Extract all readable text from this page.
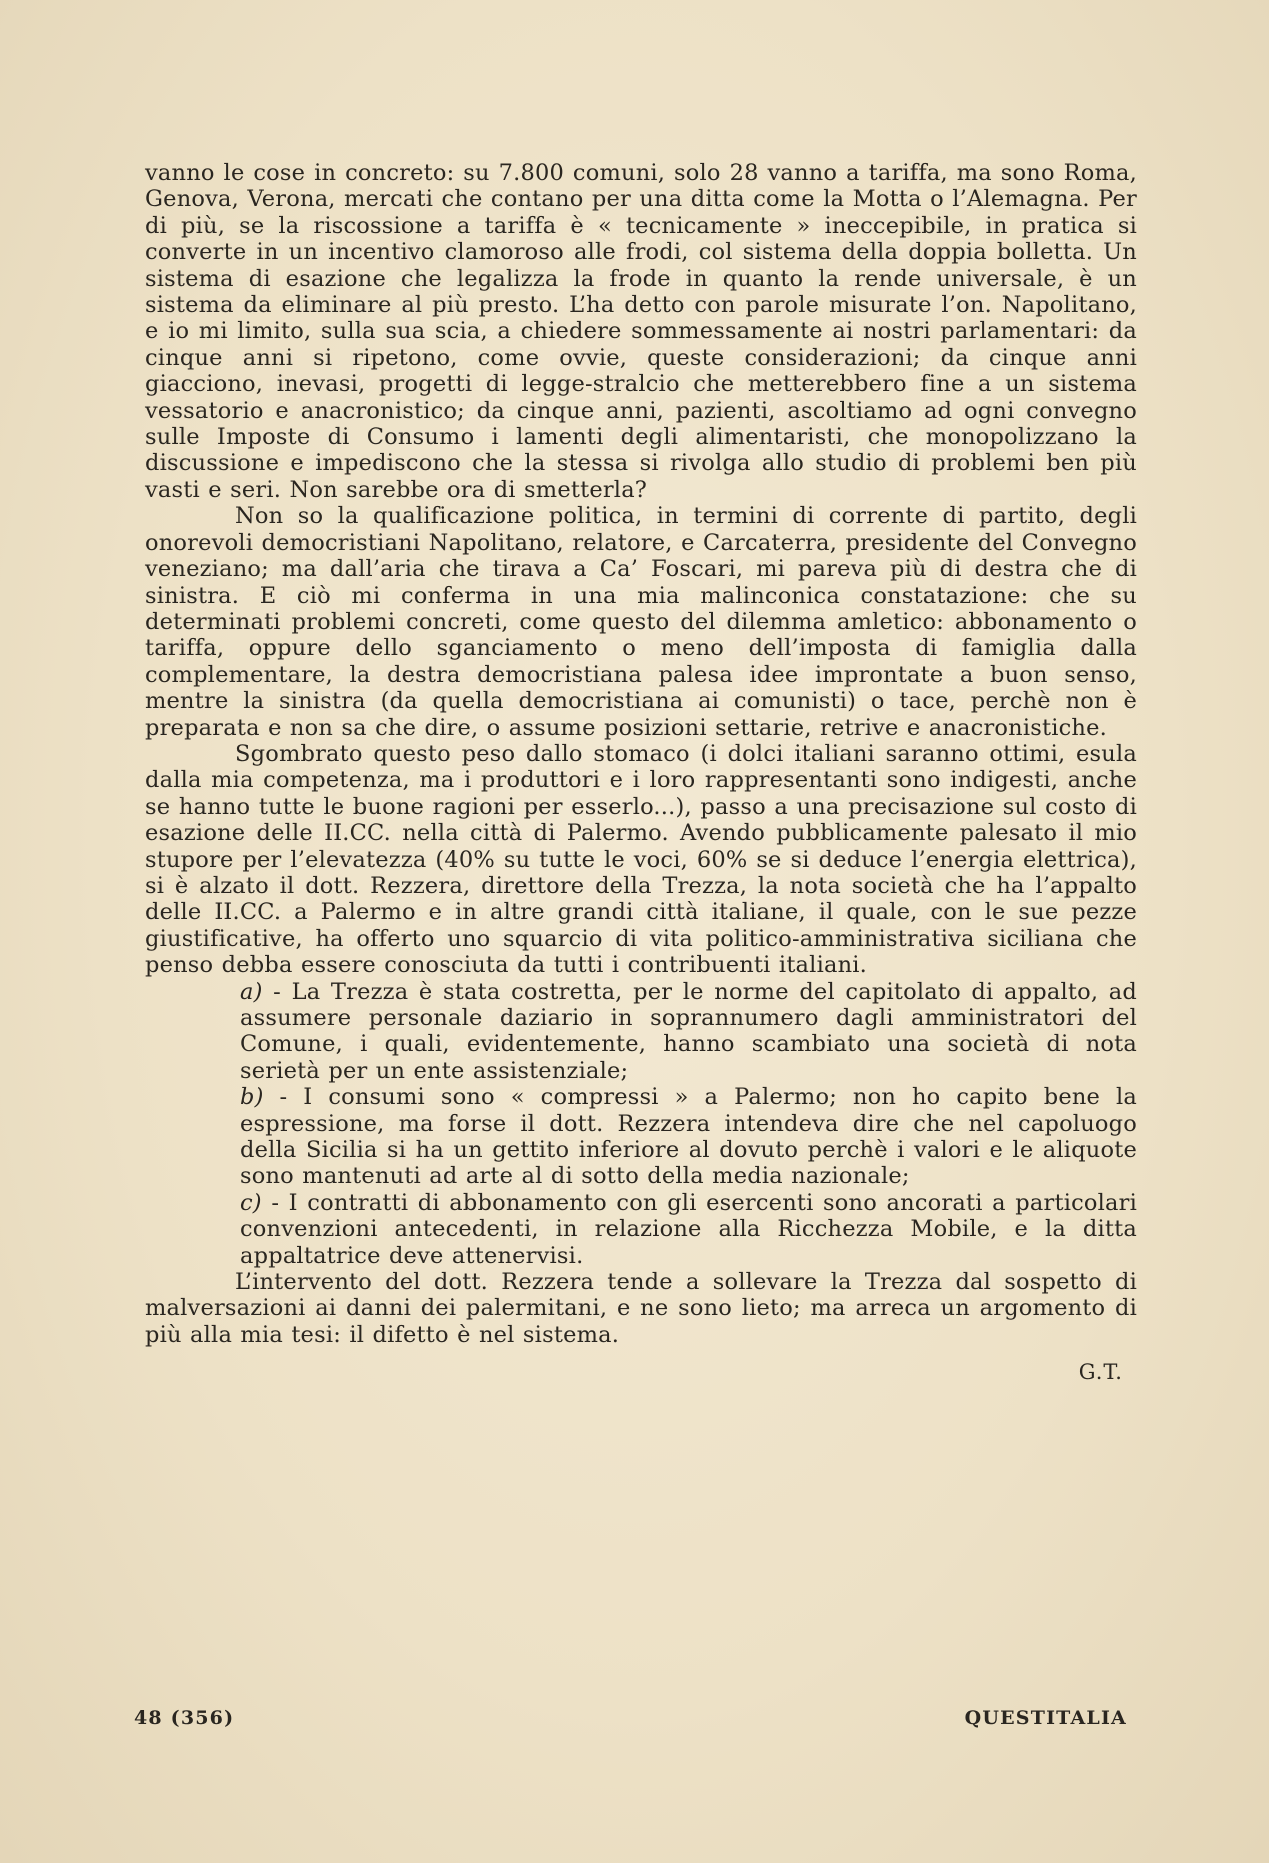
vanno le cose in concreto: su 7.800 comuni, solo 28 vanno a tariffa, ma sono Roma, Genova, Verona, mercati che contano per una ditta come la Motta o l’Alemagna. Per di più, se la riscossione a tariffa è « tecnicamente » ineccepibile, in pratica si converte in un incentivo clamoroso alle frodi, col sistema della doppia bolletta. Un sistema di esazione che legalizza la frode in quanto la rende universale, è un sistema da eliminare al più presto. L’ha detto con parole misurate l’on. Napolitano, e io mi limito, sulla sua scia, a chiedere sommessamente ai nostri parlamentari: da cinque anni si ripetono, come ovvie, queste considerazioni; da cinque anni giacciono, inevasi, progetti di legge-stralcio che metterebbero fine a un sistema vessatorio e anacronistico; da cinque anni, pazienti, ascoltiamo ad ogni convegno sulle Imposte di Consumo i lamenti degli alimentaristi, che monopolizzano la discussione e impediscono che la stessa si rivolga allo studio di problemi ben più vasti e seri. Non sarebbe ora di smetterla?

Non so la qualificazione politica, in termini di corrente di partito, degli onorevoli democristiani Napolitano, relatore, e Carcaterra, presidente del Convegno veneziano; ma dall’aria che tirava a Ca’ Foscari, mi pareva più di destra che di sinistra. E ciò mi conferma in una mia malinconica constatazione: che su determinati problemi concreti, come questo del dilemma amletico: abbonamento o tariffa, oppure dello sganciamento o meno dell’imposta di famiglia dalla complementare, la destra democristiana palesa idee improntate a buon senso, mentre la sinistra (da quella democristiana ai comunisti) o tace, perchè non è preparata e non sa che dire, o assume posizioni settarie, retrive e anacronistiche.

Sgombrato questo peso dallo stomaco (i dolci italiani saranno ottimi, esula dalla mia competenza, ma i produttori e i loro rappresentanti sono indigesti, anche se hanno tutte le buone ragioni per esserlo...), passo a una precisazione sul costo di esazione delle II.CC. nella città di Palermo. Avendo pubblicamente palesato il mio stupore per l’elevatezza (40% su tutte le voci, 60% se si deduce l’energia elettrica), si è alzato il dott. Rezzera, direttore della Trezza, la nota società che ha l’appalto delle II.CC. a Palermo e in altre grandi città italiane, il quale, con le sue pezze giustificative, ha offerto uno squarcio di vita politico-amministrativa siciliana che penso debba essere conosciuta da tutti i contribuenti italiani.

a) - La Trezza è stata costretta, per le norme del capitolato di appalto, ad assumere personale daziario in soprannumero dagli amministratori del Comune, i quali, evidentemente, hanno scambiato una società di nota serietà per un ente assistenziale;

b) - I consumi sono « compressi » a Palermo; non ho capito bene la espressione, ma forse il dott. Rezzera intendeva dire che nel capoluogo della Sicilia si ha un gettito inferiore al dovuto perchè i valori e le aliquote sono mantenuti ad arte al di sotto della media nazionale;

c) - I contratti di abbonamento con gli esercenti sono ancorati a particolari convenzioni antecedenti, in relazione alla Ricchezza Mobile, e la ditta appaltatrice deve attenervisi.

L’intervento del dott. Rezzera tende a sollevare la Trezza dal sospetto di malversazioni ai danni dei palermitani, e ne sono lieto; ma arreca un argomento di più alla mia tesi: il difetto è nel sistema.

G.T.

48 (356)	QUESTITALIA
